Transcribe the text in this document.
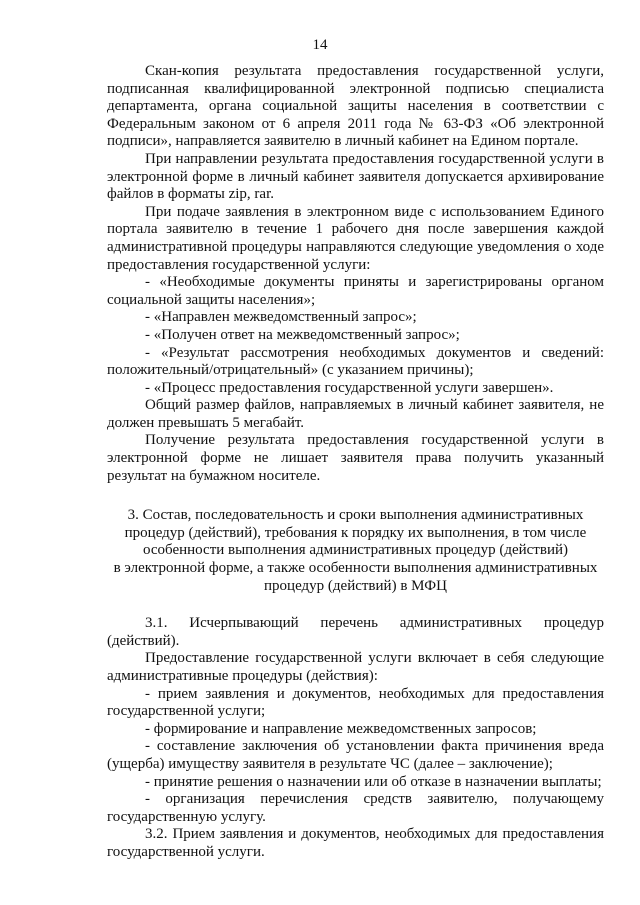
14

Скан-копия результата предоставления государственной услуги, подписанная квалифицированной электронной подписью специалиста департамента, органа социальной защиты населения в соответствии с Федеральным законом от 6 апреля 2011 года № 63-ФЗ «Об электронной подписи», направляется заявителю в личный кабинет на Едином портале.

При направлении результата предоставления государственной услуги в электронной форме в личный кабинет заявителя допускается архивирование файлов в форматы zip, rar.

При подаче заявления в электронном виде с использованием Единого портала заявителю в течение 1 рабочего дня после завершения каждой административной процедуры направляются следующие уведомления о ходе предоставления государственной услуги:

- «Необходимые документы приняты и зарегистрированы органом социальной защиты населения»;

- «Направлен межведомственный запрос»;

- «Получен ответ на межведомственный запрос»;

- «Результат рассмотрения необходимых документов и сведений: положительный/отрицательный» (с указанием причины);

- «Процесс предоставления государственной услуги завершен».

Общий размер файлов, направляемых в личный кабинет заявителя, не должен превышать 5 мегабайт.

Получение результата предоставления государственной услуги в электронной форме не лишает заявителя права получить указанный результат на бумажном носителе.

3. Состав, последовательность и сроки выполнения административных
процедур (действий), требования к порядку их выполнения, в том числе
особенности выполнения административных процедур (действий)
в электронной форме, а также особенности выполнения административных
процедур (действий) в МФЦ

3.1. Исчерпывающий перечень административных процедур (действий).

Предоставление государственной услуги включает в себя следующие административные процедуры (действия):

- прием заявления и документов, необходимых для предоставления государственной услуги;

- формирование и направление межведомственных запросов;

- составление заключения об установлении факта причинения вреда (ущерба) имуществу заявителя в результате ЧС (далее – заключение);

- принятие решения о назначении или об отказе в назначении выплаты;

- организация перечисления средств заявителю, получающему государственную услугу.

3.2. Прием заявления и документов, необходимых для предоставления государственной услуги.
